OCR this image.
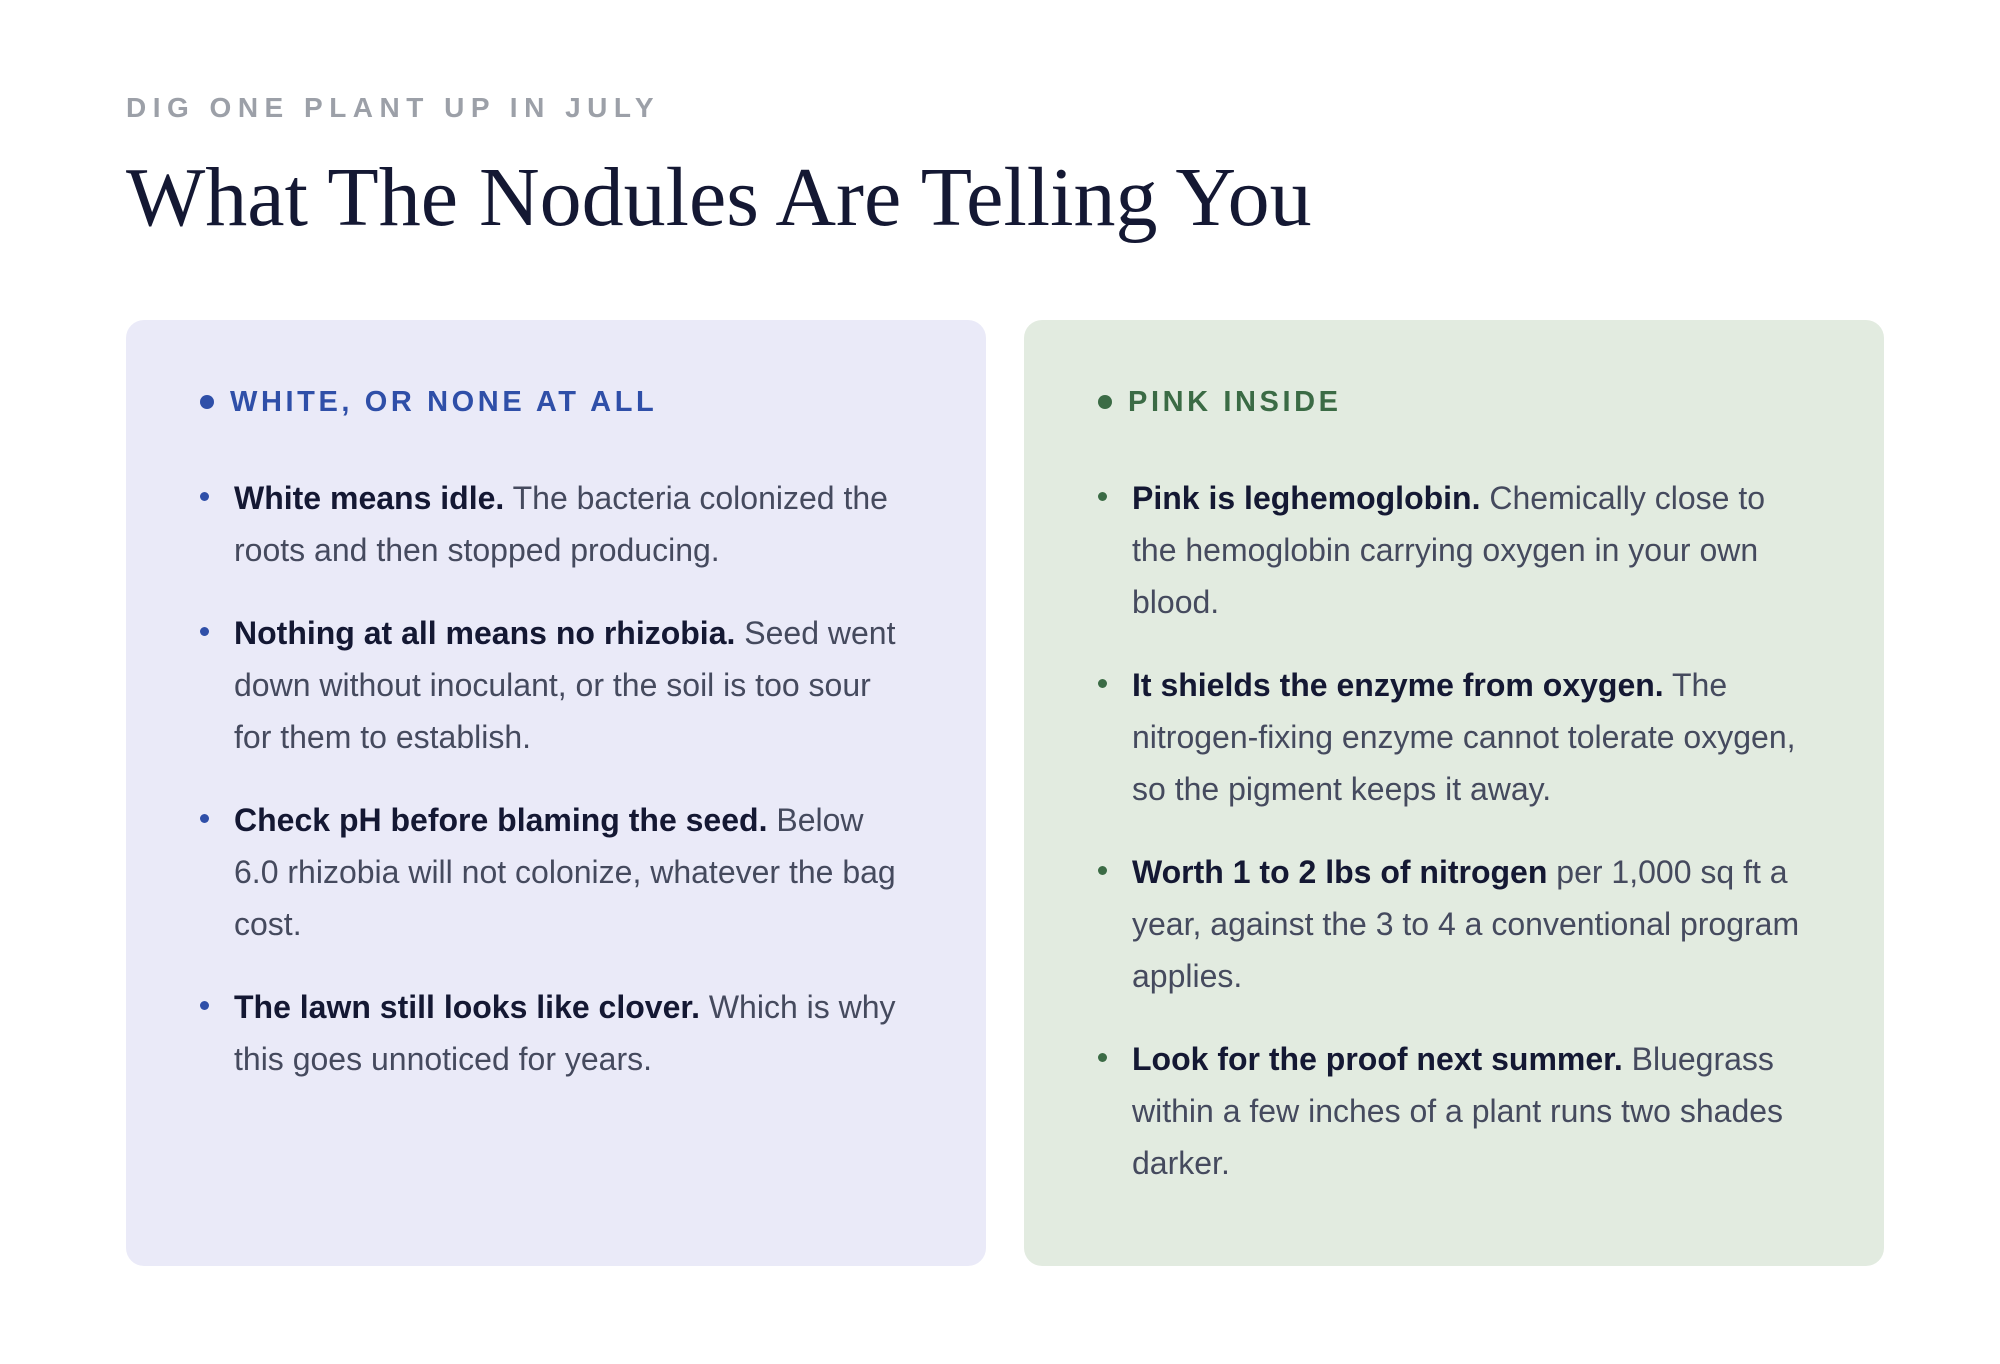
DIG ONE PLANT UP IN JULY
What The Nodules Are Telling You
WHITE, OR NONE AT ALL
White means idle. The bacteria colonized the roots and then stopped producing.
Nothing at all means no rhizobia. Seed went down without inoculant, or the soil is too sour for them to establish.
Check pH before blaming the seed. Below 6.0 rhizobia will not colonize, whatever the bag cost.
The lawn still looks like clover. Which is why this goes unnoticed for years.
PINK INSIDE
Pink is leghemoglobin. Chemically close to the hemoglobin carrying oxygen in your own blood.
It shields the enzyme from oxygen. The nitrogen-fixing enzyme cannot tolerate oxygen, so the pigment keeps it away.
Worth 1 to 2 lbs of nitrogen per 1,000 sq ft a year, against the 3 to 4 a conventional program applies.
Look for the proof next summer. Bluegrass within a few inches of a plant runs two shades darker.
